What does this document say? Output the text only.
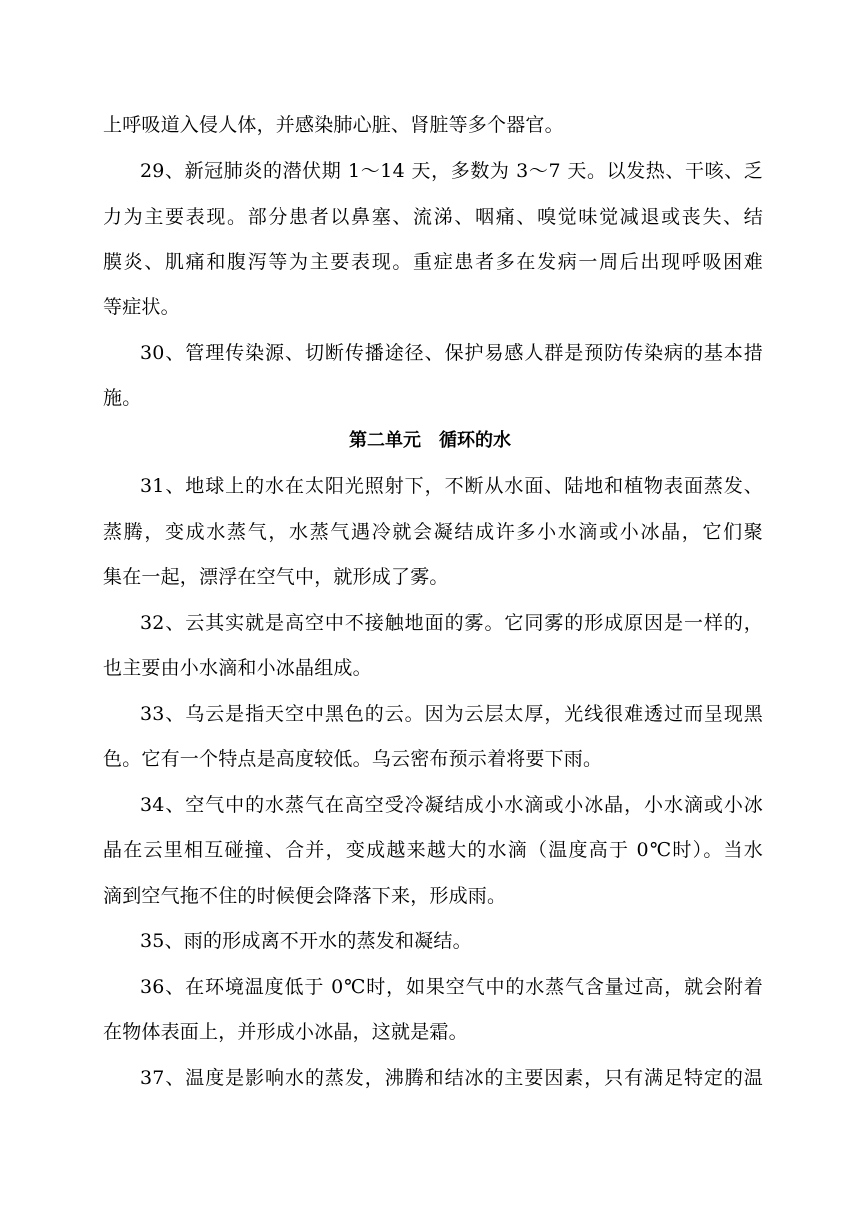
上呼吸道入侵人体，并感染肺心脏、肾脏等多个器官。
29、新冠肺炎的潜伏期 1～14 天，多数为 3～7 天。以发热、干咳、乏
力为主要表现。部分患者以鼻塞、流涕、咽痛、嗅觉味觉减退或丧失、结
膜炎、肌痛和腹泻等为主要表现。重症患者多在发病一周后出现呼吸困难
等症状。
30、管理传染源、切断传播途径、保护易感人群是预防传染病的基本措
施。
第二单元　循环的水
31、地球上的水在太阳光照射下，不断从水面、陆地和植物表面蒸发、
蒸腾，变成水蒸气，水蒸气遇冷就会凝结成许多小水滴或小冰晶，它们聚
集在一起，漂浮在空气中，就形成了雾。
32、云其实就是高空中不接触地面的雾。它同雾的形成原因是一样的，
也主要由小水滴和小冰晶组成。
33、乌云是指天空中黑色的云。因为云层太厚，光线很难透过而呈现黑
色。它有一个特点是高度较低。乌云密布预示着将要下雨。
34、空气中的水蒸气在高空受冷凝结成小水滴或小冰晶，小水滴或小冰
晶在云里相互碰撞、合并，变成越来越大的水滴（温度高于 0℃时）。当水
滴到空气拖不住的时候便会降落下来，形成雨。
35、雨的形成离不开水的蒸发和凝结。
36、在环境温度低于 0℃时，如果空气中的水蒸气含量过高，就会附着
在物体表面上，并形成小冰晶，这就是霜。
37、温度是影响水的蒸发，沸腾和结冰的主要因素，只有满足特定的温
